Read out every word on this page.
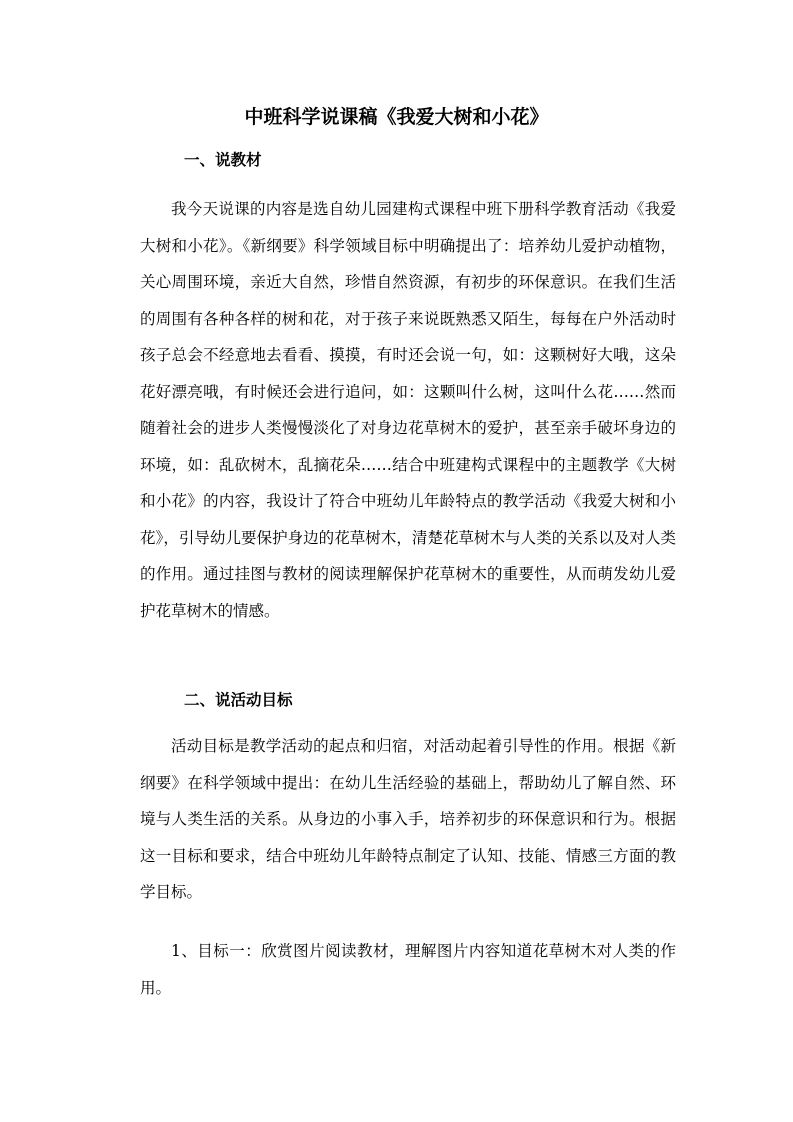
中班科学说课稿《我爱大树和小花》
一、说教材

我今天说课的内容是选自幼儿园建构式课程中班下册科学教育活动《我爱大树和小花》。《新纲要》科学领域目标中明确提出了：培养幼儿爱护动植物，关心周围环境，亲近大自然，珍惜自然资源，有初步的环保意识。在我们生活的周围有各种各样的树和花，对于孩子来说既熟悉又陌生，每每在户外活动时孩子总会不经意地去看看、摸摸，有时还会说一句，如：这颗树好大哦，这朵花好漂亮哦，有时候还会进行追问，如：这颗叫什么树，这叫什么花……然而随着社会的进步人类慢慢淡化了对身边花草树木的爱护，甚至亲手破坏身边的环境，如：乱砍树木，乱摘花朵……结合中班建构式课程中的主题教学《大树和小花》的内容，我设计了符合中班幼儿年龄特点的教学活动《我爱大树和小花》，引导幼儿要保护身边的花草树木，清楚花草树木与人类的关系以及对人类的作用。通过挂图与教材的阅读理解保护花草树木的重要性，从而萌发幼儿爱护花草树木的情感。

二、说活动目标

活动目标是教学活动的起点和归宿，对活动起着引导性的作用。根据《新纲要》在科学领域中提出：在幼儿生活经验的基础上，帮助幼儿了解自然、环境与人类生活的关系。从身边的小事入手，培养初步的环保意识和行为。根据这一目标和要求，结合中班幼儿年龄特点制定了认知、技能、情感三方面的教学目标。

1、目标一：欣赏图片阅读教材，理解图片内容知道花草树木对人类的作用。
